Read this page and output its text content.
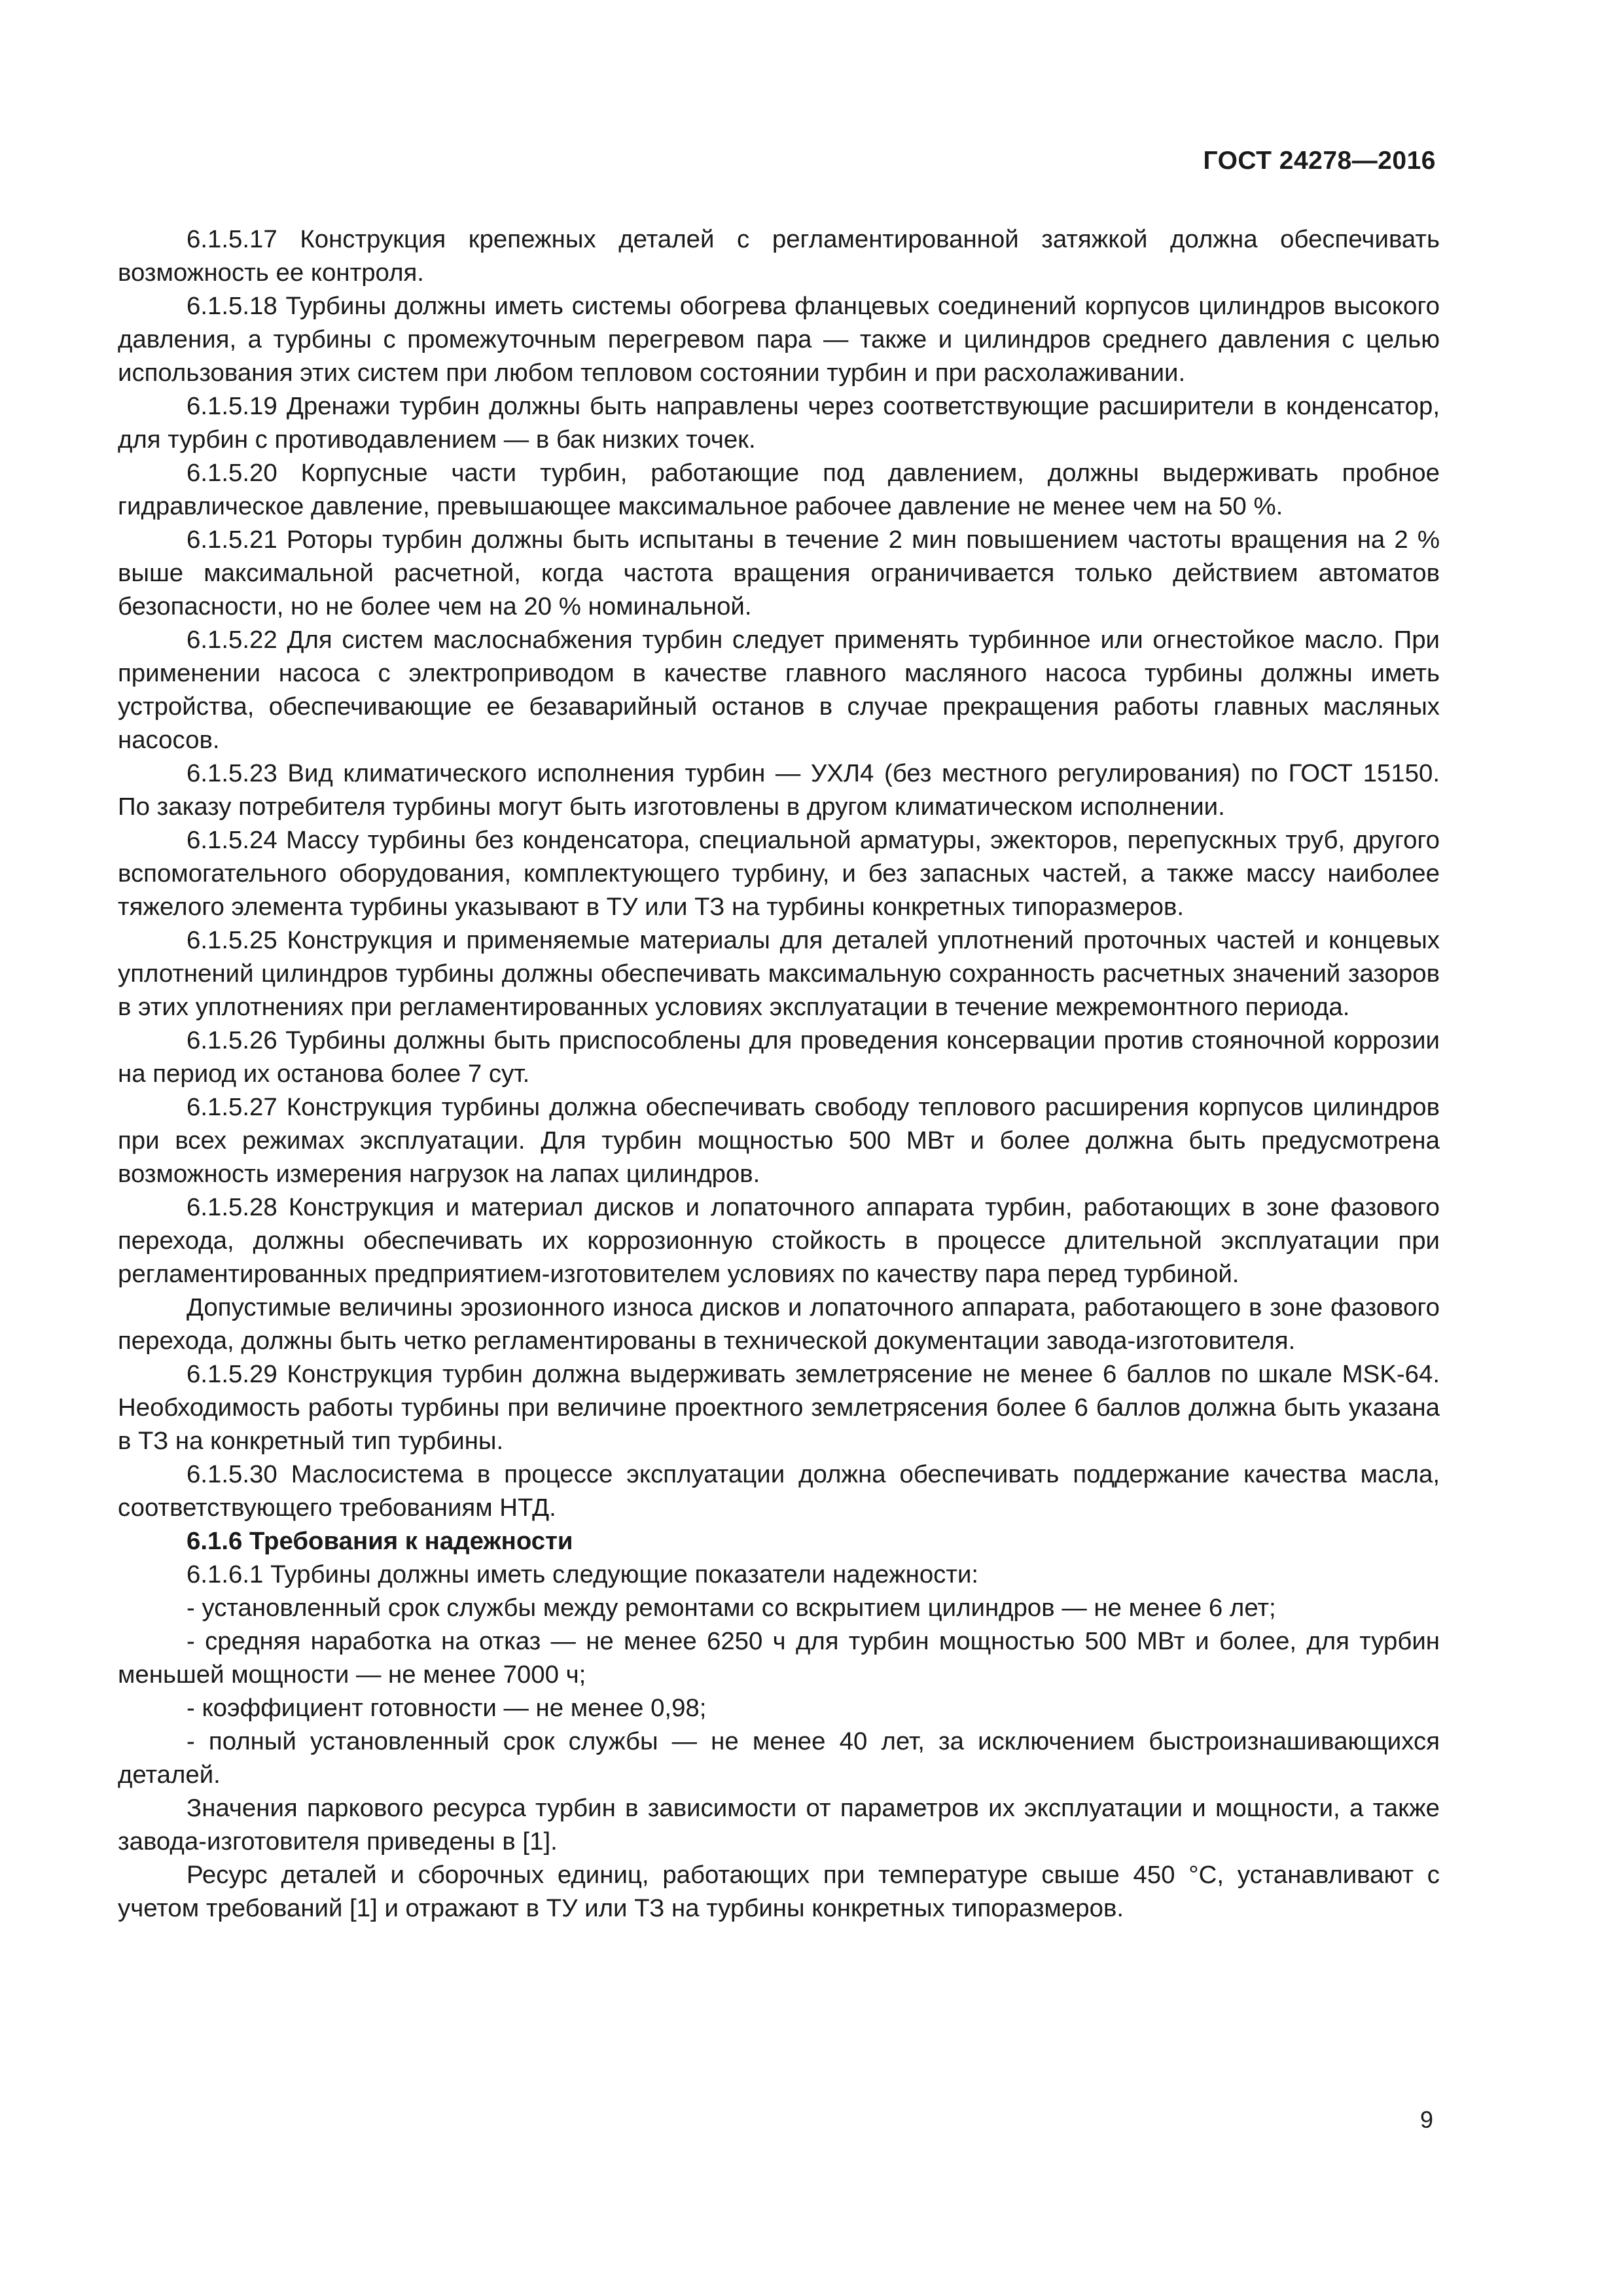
ГОСТ 24278—2016

6.1.5.17 Конструкция крепежных деталей с регламентированной затяжкой должна обеспечивать возможность ее контроля.

6.1.5.18 Турбины должны иметь системы обогрева фланцевых соединений корпусов цилиндров высокого давления, а турбины с промежуточным перегревом пара — также и цилиндров среднего давления с целью использования этих систем при любом тепловом состоянии турбин и при расхолаживании.

6.1.5.19 Дренажи турбин должны быть направлены через соответствующие расширители в конденсатор, для турбин с противодавлением — в бак низких точек.

6.1.5.20 Корпусные части турбин, работающие под давлением, должны выдерживать пробное гидравлическое давление, превышающее максимальное рабочее давление не менее чем на 50 %.

6.1.5.21 Роторы турбин должны быть испытаны в течение 2 мин повышением частоты вращения на 2 % выше максимальной расчетной, когда частота вращения ограничивается только действием автоматов безопасности, но не более чем на 20 % номинальной.

6.1.5.22 Для систем маслоснабжения турбин следует применять турбинное или огнестойкое масло. При применении насоса с электроприводом в качестве главного масляного насоса турбины должны иметь устройства, обеспечивающие ее безаварийный останов в случае прекращения работы главных масляных насосов.

6.1.5.23 Вид климатического исполнения турбин — УХЛ4 (без местного регулирования) по ГОСТ 15150. По заказу потребителя турбины могут быть изготовлены в другом климатическом исполнении.

6.1.5.24 Массу турбины без конденсатора, специальной арматуры, эжекторов, перепускных труб, другого вспомогательного оборудования, комплектующего турбину, и без запасных частей, а также массу наиболее тяжелого элемента турбины указывают в ТУ или ТЗ на турбины конкретных типоразмеров.

6.1.5.25 Конструкция и применяемые материалы для деталей уплотнений проточных частей и концевых уплотнений цилиндров турбины должны обеспечивать максимальную сохранность расчетных значений зазоров в этих уплотнениях при регламентированных условиях эксплуатации в течение межремонтного периода.

6.1.5.26 Турбины должны быть приспособлены для проведения консервации против стояночной коррозии на период их останова более 7 сут.

6.1.5.27 Конструкция турбины должна обеспечивать свободу теплового расширения корпусов цилиндров при всех режимах эксплуатации. Для турбин мощностью 500 МВт и более должна быть предусмотрена возможность измерения нагрузок на лапах цилиндров.

6.1.5.28 Конструкция и материал дисков и лопаточного аппарата турбин, работающих в зоне фазового перехода, должны обеспечивать их коррозионную стойкость в процессе длительной эксплуатации при регламентированных предприятием-изготовителем условиях по качеству пара перед турбиной.

Допустимые величины эрозионного износа дисков и лопаточного аппарата, работающего в зоне фазового перехода, должны быть четко регламентированы в технической документации завода-изготовителя.

6.1.5.29 Конструкция турбин должна выдерживать землетрясение не менее 6 баллов по шкале MSK-64. Необходимость работы турбины при величине проектного землетрясения более 6 баллов должна быть указана в ТЗ на конкретный тип турбины.

6.1.5.30 Маслосистема в процессе эксплуатации должна обеспечивать поддержание качества масла, соответствующего требованиям НТД.

6.1.6 Требования к надежности

6.1.6.1 Турбины должны иметь следующие показатели надежности:

- установленный срок службы между ремонтами со вскрытием цилиндров — не менее 6 лет;

- средняя наработка на отказ — не менее 6250 ч для турбин мощностью 500 МВт и более, для турбин меньшей мощности — не менее 7000 ч;

- коэффициент готовности — не менее 0,98;

- полный установленный срок службы — не менее 40 лет, за исключением быстроизнашивающихся деталей.

Значения паркового ресурса турбин в зависимости от параметров их эксплуатации и мощности, а также завода-изготовителя приведены в [1].

Ресурс деталей и сборочных единиц, работающих при температуре свыше 450 °С, устанавливают с учетом требований [1] и отражают в ТУ или ТЗ на турбины конкретных типоразмеров.

9
